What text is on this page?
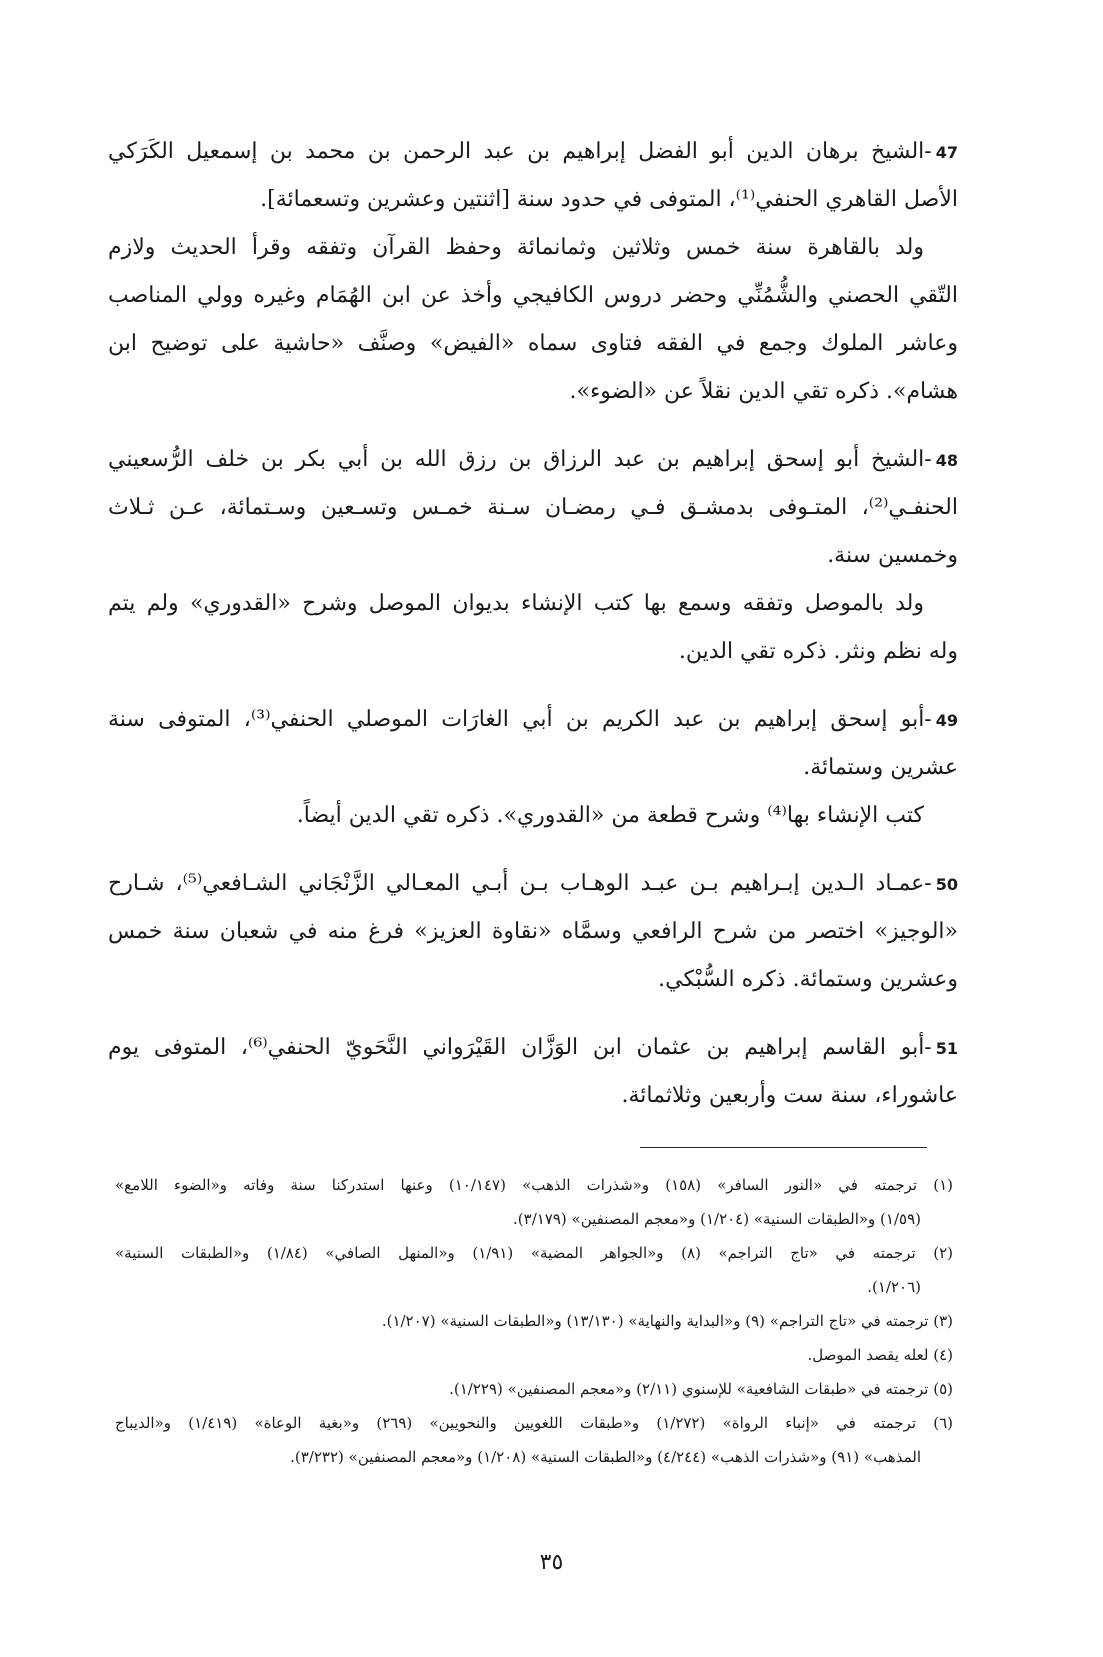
47-الشيخ برهان الدين أبو الفضل إبراهيم بن عبد الرحمن بن محمد بن إسمعيل الكَرَكي
الأصل القاهري الحنفي⁽¹⁾، المتوفى في حدود سنة [اثنتين وعشرين وتسعمائة].
ولد بالقاهرة سنة خمس وثلاثين وثمانمائة وحفظ القرآن وتفقه وقرأ الحديث ولازم
التّقي الحصني والشُّمُنِّي وحضر دروس الكافيجي وأخذ عن ابن الهُمَام وغيره وولي المناصب
وعاشر الملوك وجمع في الفقه فتاوى سماه «الفيض» وصنَّف «حاشية على توضيح ابن
هشام». ذكره تقي الدين نقلاً عن «الضوء».
48-الشيخ أبو إسحق إبراهيم بن عبد الرزاق بن رزق الله بن أبي بكر بن خلف الرُّسعيني
الحنفـي⁽²⁾، المتـوفى بدمشـق فـي رمضـان سـنة خمـس وتسـعين وسـتمائة، عـن ثـلاث
وخمسين سنة.
ولد بالموصل وتفقه وسمع بها كتب الإنشاء بديوان الموصل وشرح «القدوري» ولم يتم
وله نظم ونثر. ذكره تقي الدين.
49-أبو إسحق إبراهيم بن عبد الكريم بن أبي الغارَات الموصلي الحنفي⁽³⁾، المتوفى سنة
عشرين وستمائة.
كتب الإنشاء بها⁽⁴⁾ وشرح قطعة من «القدوري». ذكره تقي الدين أيضاً.
50-عمـاد الـدين إبـراهيم بـن عبـد الوهـاب بـن أبـي المعـالي الزَّنْجَاني الشـافعي⁽⁵⁾، شـارح
«الوجيز» اختصر من شرح الرافعي وسمَّاه «نقاوة العزيز» فرغ منه في شعبان سنة خمس
وعشرين وستمائة. ذكره السُّبْكي.
51-أبو القاسم إبراهيم بن عثمان ابن الوَزَّان القَيْرَواني النَّحَويّ الحنفي⁽⁶⁾، المتوفى يوم
عاشوراء، سنة ست وأربعين وثلاثمائة.
(١) ترجمته في «النور السافر» (١٥٨) و«شذرات الذهب» (١٠/١٤٧) وعنها استدركنا سنة وفاته و«الضوء اللامع»
(١/٥٩) و«الطبقات السنية» (١/٢٠٤) و«معجم المصنفين» (٣/١٧٩).
(٢) ترجمته في «تاج التراجم» (٨) و«الجواهر المضية» (١/٩١) و«المنهل الصافي» (١/٨٤) و«الطبقات السنية»
(١/٢٠٦).
(٣) ترجمته في «تاج التراجم» (٩) و«البداية والنهاية» (١٣/١٣٠) و«الطبقات السنية» (١/٢٠٧).
(٤) لعله يقصد الموصل.
(٥) ترجمته في «طبقات الشافعية» للإسنوي (٢/١١) و«معجم المصنفين» (١/٢٢٩).
(٦) ترجمته في «إنباء الرواة» (١/٢٧٢) و«طبقات اللغويين والنحويين» (٢٦٩) و«بغية الوعاة» (١/٤١٩) و«الديباج
المذهب» (٩١) و«شذرات الذهب» (٤/٢٤٤) و«الطبقات السنية» (١/٢٠٨) و«معجم المصنفين» (٣/٢٣٢).
٣٥
